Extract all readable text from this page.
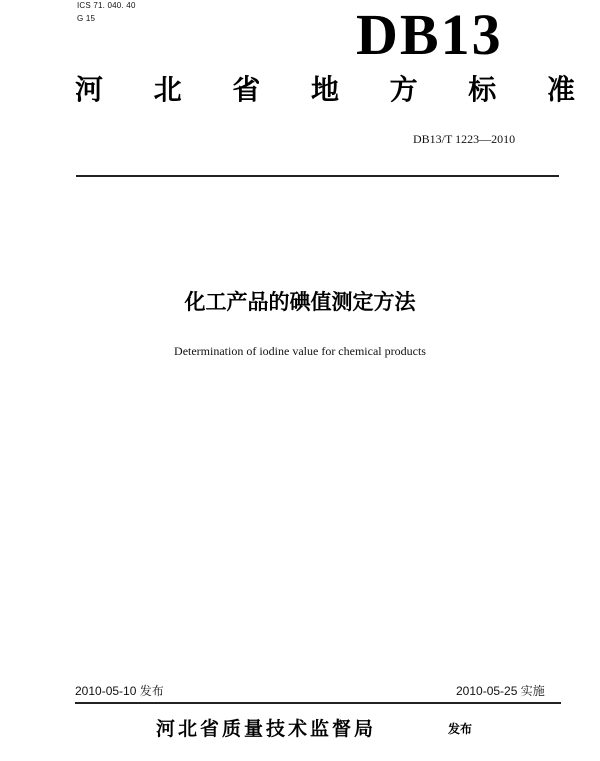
ICS 71. 040. 40
G 15	DB13
河 北 省 地 方 标 准
DB13/T 1223—2010
化工产品的碘值测定方法
Determination of iodine value for chemical products
2010-05-10 发布	2010-05-25 实施
河北省质量技术监督局	发布
